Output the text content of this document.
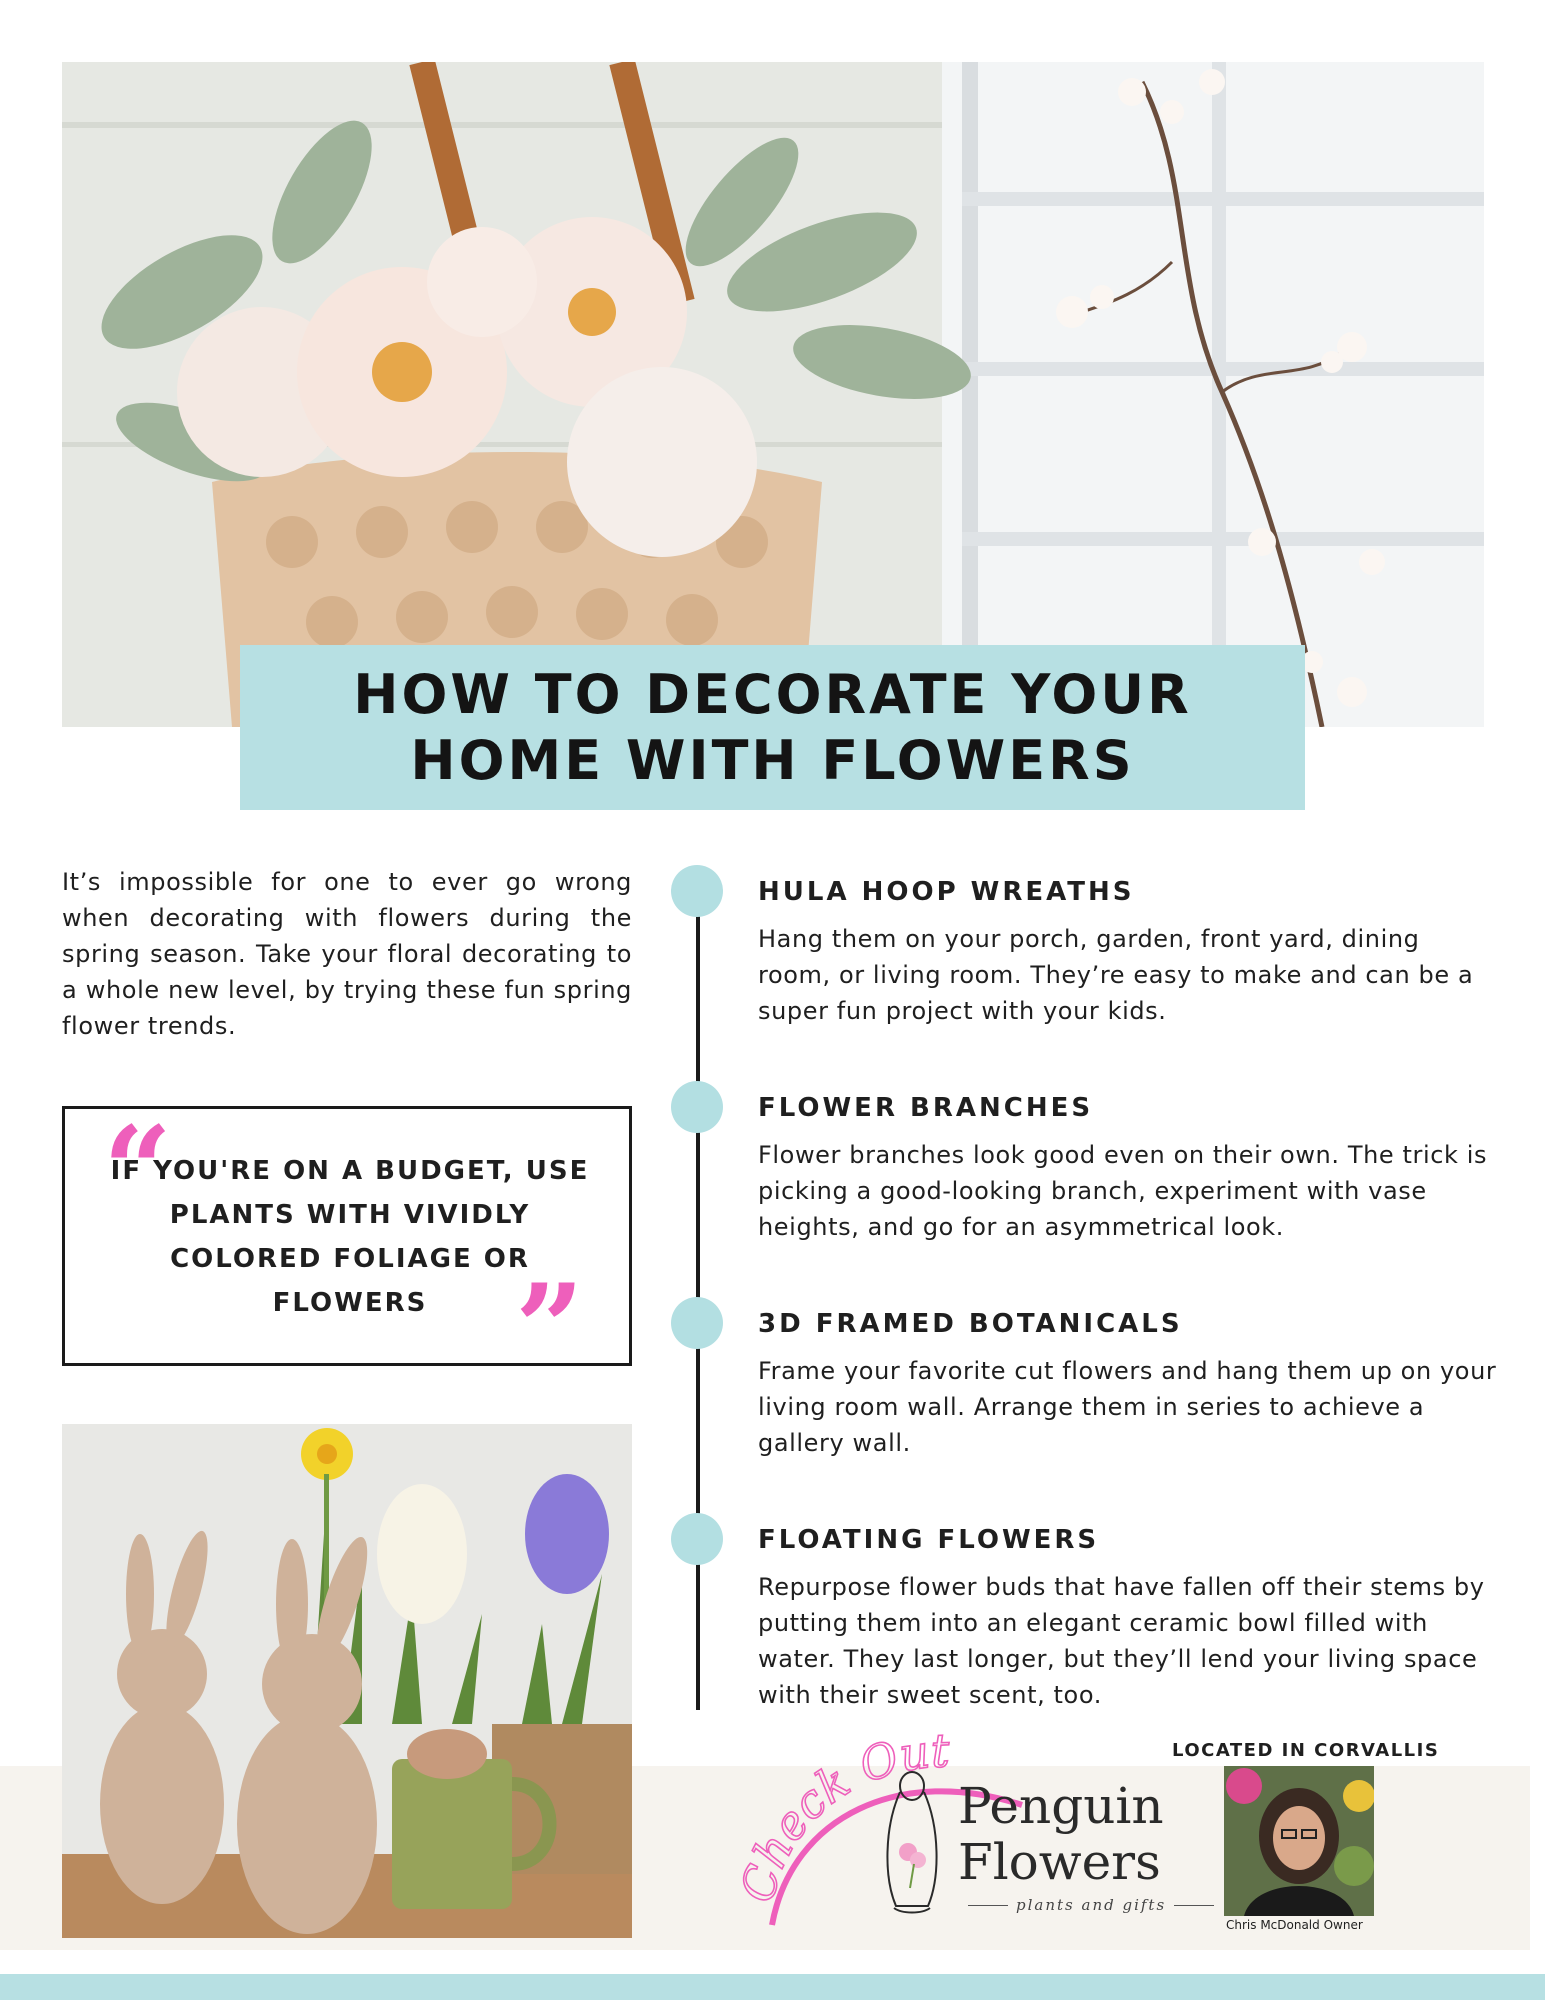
HOW TO DECORATE YOUR
HOME WITH FLOWERS

It’s impossible for one to ever go wrong when decorating with flowers during the spring season. Take your floral decorating to a whole new level, by trying these fun spring flower trends.

“
IF YOU'RE ON A BUDGET, USE PLANTS WITH VIVIDLY COLORED FOLIAGE OR FLOWERS ”
HULA HOOP WREATHS
Hang them on your porch, garden, front yard, dining room, or living room. They’re easy to make and can be a super fun project with your kids.
FLOWER BRANCHES
Flower branches look good even on their own. The trick is picking a good-looking branch, experiment with vase heights, and go for an asymmetrical look.
3D FRAMED BOTANICALS
Frame your favorite cut flowers and hang them up on your living room wall. Arrange them in series to achieve a gallery wall.
FLOATING FLOWERS
Repurpose flower buds that have fallen off their stems by putting them into an elegant ceramic bowl filled with water. They last longer, but they’ll lend your living space with their sweet scent, too.
Check Out
Penguin
Flowers
plants and gifts
LOCATED IN CORVALLIS
Chris McDonald Owner
